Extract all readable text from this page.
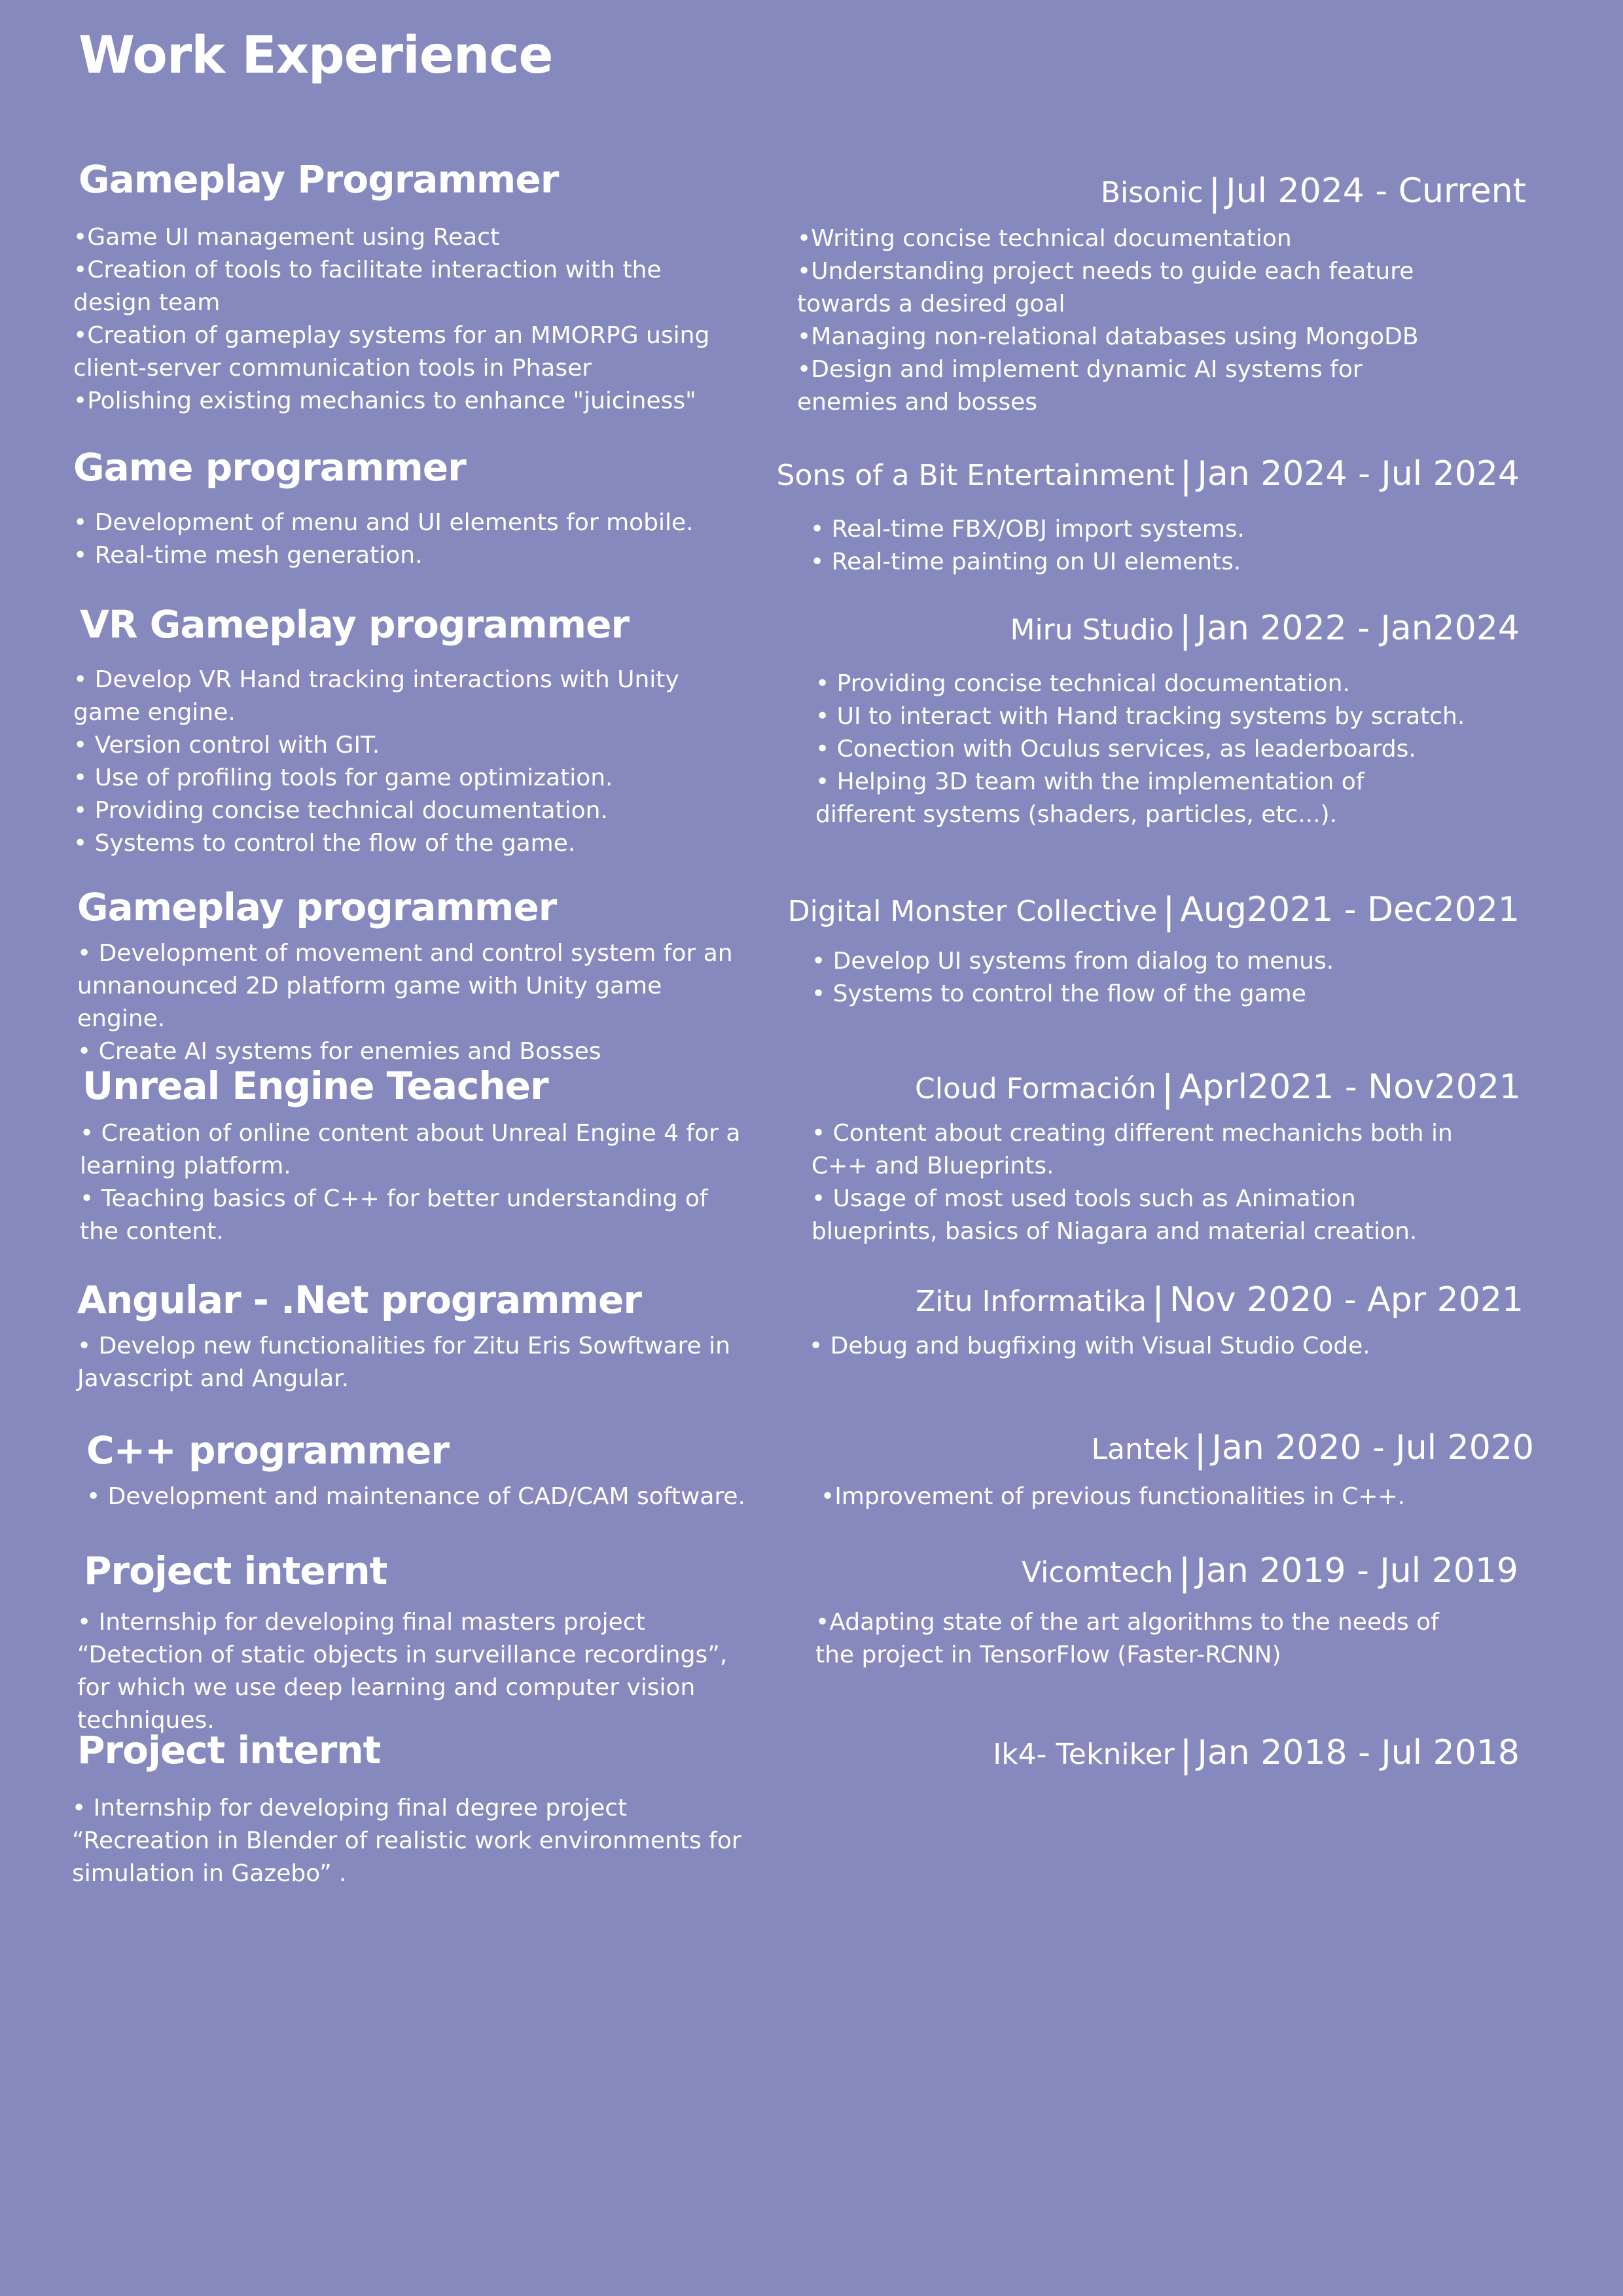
Work Experience
Gameplay Programmer	Bisonic | Jul 2024 - Current
•Game UI management using React
•Creation of tools to facilitate interaction with the design team
•Creation of gameplay systems for an MMORPG using client-server communication tools in Phaser
•Polishing existing mechanics to enhance "juiciness"
•Writing concise technical documentation
•Understanding project needs to guide each feature towards a desired goal
•Managing non-relational databases using MongoDB
•Design and implement dynamic AI systems for enemies and bosses
Game programmer	Sons of a Bit Entertainment | Jan 2024 - Jul 2024
• Development of menu and UI elements for mobile.
• Real-time mesh generation.
• Real-time FBX/OBJ import systems.
• Real-time painting on UI elements.
VR Gameplay programmer	Miru Studio | Jan 2022 - Jan2024
• Develop VR Hand tracking interactions with Unity game engine.
• Version control with GIT.
• Use of profiling tools for game optimization.
• Providing concise technical documentation.
• Systems to control the flow of the game.
• Providing concise technical documentation.
• UI to interact with Hand tracking systems by scratch.
• Conection with Oculus services, as leaderboards.
• Helping 3D team with the implementation of different systems (shaders, particles, etc...).
Gameplay programmer	Digital Monster Collective | Aug2021 - Dec2021
• Development of movement and control system for an unnanounced 2D platform game with Unity game engine.
• Create AI systems for enemies and Bosses
• Develop UI systems from dialog to menus.
• Systems to control the flow of the game
Unreal Engine Teacher	Cloud Formación | Aprl2021 - Nov2021
• Creation of online content about Unreal Engine 4 for a learning platform.
• Teaching basics of C++ for better understanding of the content.
• Content about creating different mechanichs both in C++ and Blueprints.
• Usage of most used tools such as Animation blueprints, basics of Niagara and material creation.
Angular - .Net programmer	Zitu Informatika | Nov 2020 - Apr 2021
• Develop new functionalities for Zitu Eris Sowftware in Javascript and Angular.
• Debug and bugfixing with Visual Studio Code.
C++ programmer	Lantek | Jan 2020 - Jul 2020
• Development and maintenance of CAD/CAM software.	•Improvement of previous functionalities in C++.
Project internt	Vicomtech | Jan 2019 - Jul 2019
• Internship for developing final masters project “Detection of static objects in surveillance recordings”, for which we use deep learning and computer vision techniques.
•Adapting state of the art algorithms to the needs of the project in TensorFlow (Faster-RCNN)
Project internt	Ik4- Tekniker | Jan 2018 - Jul 2018
• Internship for developing final degree project “Recreation in Blender of realistic work environments for simulation in Gazebo” .
